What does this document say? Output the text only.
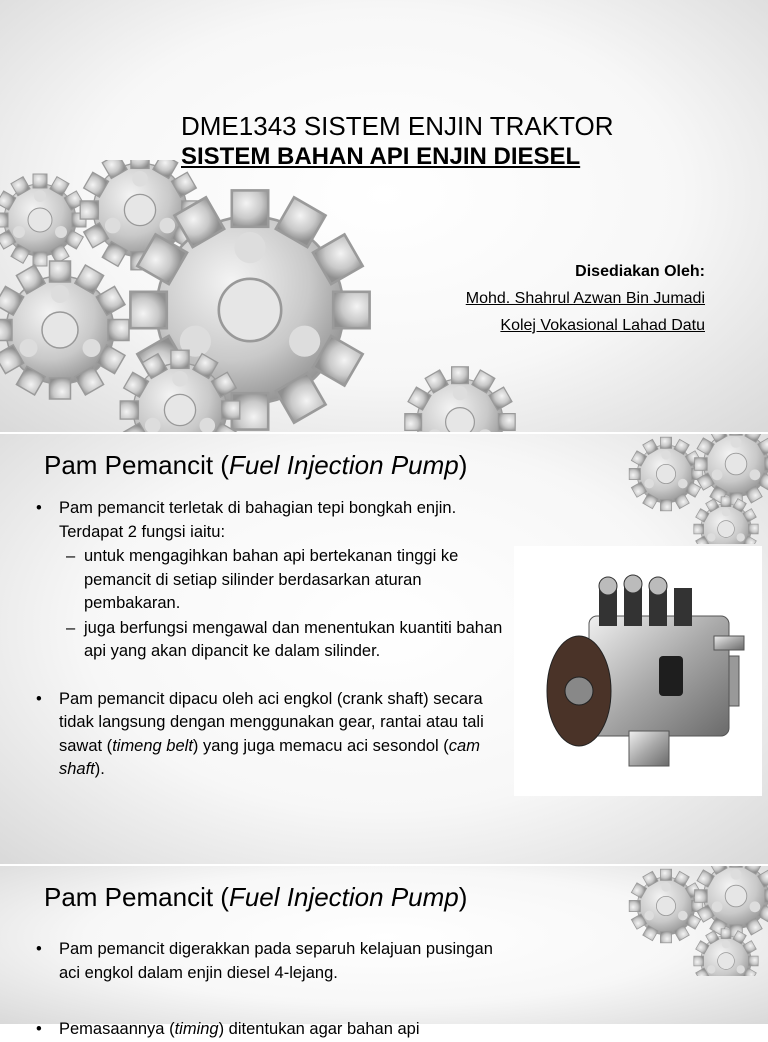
DME1343 SISTEM ENJIN TRAKTOR
SISTEM BAHAN API ENJIN DIESEL
Disediakan Oleh:
Mohd. Shahrul Azwan Bin Jumadi
Kolej Vokasional Lahad Datu
Pam Pemancit (Fuel Injection Pump)
• Pam pemancit terletak di bahagian tepi bongkah enjin. Terdapat 2 fungsi iaitu:
– untuk mengagihkan bahan api bertekanan tinggi ke pemancit di setiap silinder berdasarkan aturan pembakaran.
– juga berfungsi mengawal dan menentukan kuantiti bahan api yang akan dipancit ke dalam silinder.
• Pam pemancit dipacu oleh aci engkol (crank shaft) secara tidak langsung dengan menggunakan gear, rantai atau tali sawat (timeng belt) yang juga memacu aci sesondol (cam shaft).
Pam Pemancit (Fuel Injection Pump)
• Pam pemancit digerakkan pada separuh kelajuan pusingan aci engkol dalam enjin diesel 4-lejang.
• Pemasaannya (timing) ditentukan agar bahan api
